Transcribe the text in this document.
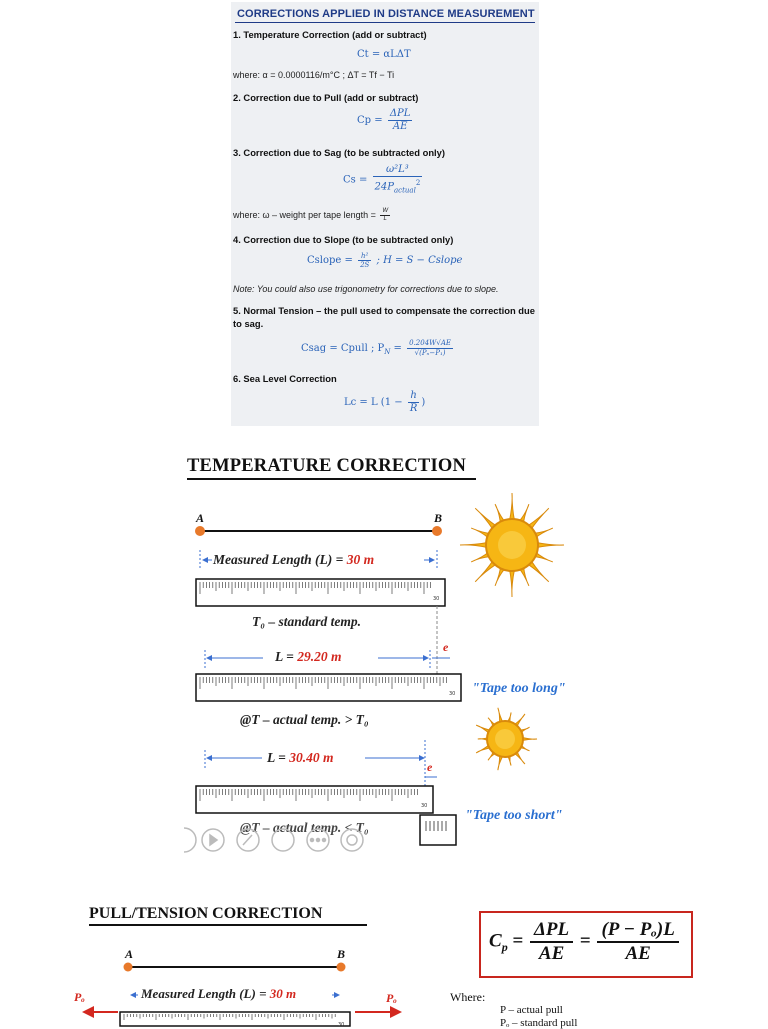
CORRECTIONS APPLIED IN DISTANCE MEASUREMENT
1. Temperature Correction (add or subtract)
Ct = αLΔT
where: α = 0.0000116/m°C ; ΔT = Tf − Ti
2. Correction due to Pull (add or subtract)
$Cp = \frac{\text{ΔPL}}{AE}$
3. Correction due to Sag (to be subtracted only)
$Cs = \frac{\text{ω²L³}}{24P_{actual}^2}$
where: ω – weight per tape length = $\frac{W}{L}$
4. Correction due to Slope (to be subtracted only)
Cslope = $\frac{\text{h²}}{2S}$ ; H = S − Cslope
Note: You could also use trigonometry for corrections due to slope.
5. Normal Tension – the pull used to compensate the correction due to sag.
Csag = Cpull ; $P_N = \frac{0.204W√AE}{\text{√(Pₙ−P₁)}}$
6. Sea Level Correction
Lc = L ($1 - \frac{h}{R}$ )
TEMPERATURE CORRECTION
30
30
30
A	B
Measured Length (L) = 30 m
T₀ – standard temp.
L = 29.20 m
e
"Tape too long"
@T – actual temp. > T₀
L = 30.40 m
e
"Tape too short"
@T – actual temp. < T₀
PULL/TENSION CORRECTION
30
A	B
Measured Length (L) = 30 m
Pₒ	Pₒ
$C_p = \frac{\text{ΔPL}}{AE} = \frac{\text{(P − Pₒ)L}}{AE}$
Where:
P – actual pull
Pₒ – standard pull
